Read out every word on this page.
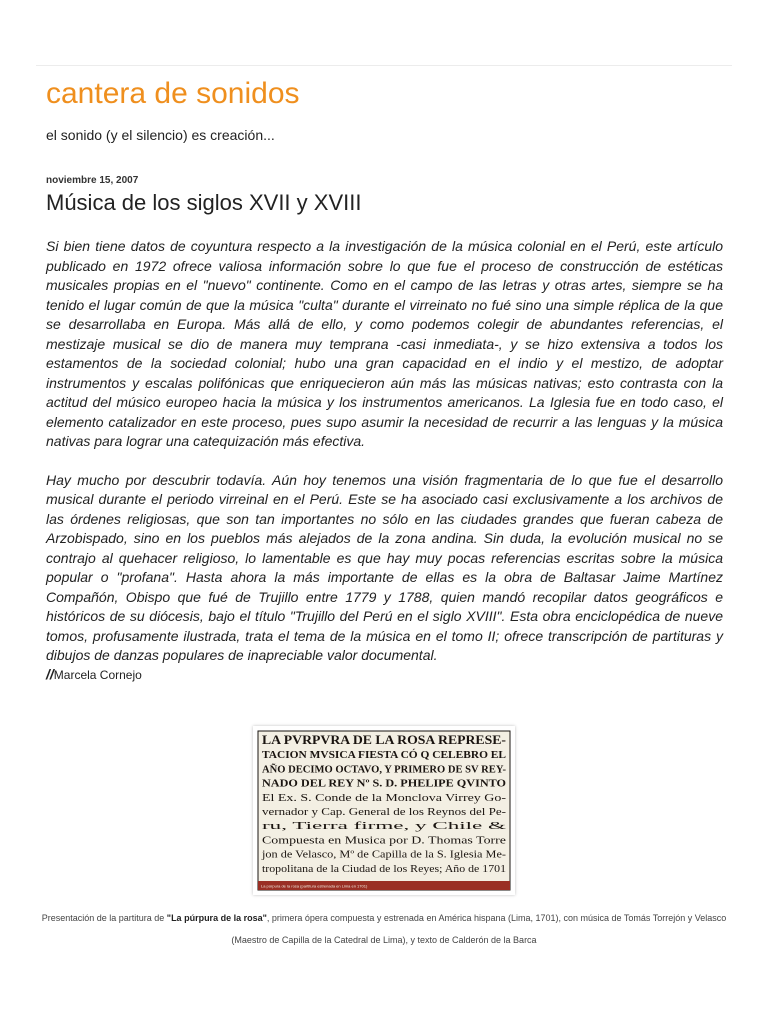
cantera de sonidos
el sonido (y el silencio) es creación...
noviembre 15, 2007
Música de los siglos XVII y XVIII

Si bien tiene datos de coyuntura respecto a la investigación de la música colonial en el Perú, este artículo publicado en 1972 ofrece valiosa información sobre lo que fue el proceso de construcción de estéticas musicales propias en el "nuevo" continente. Como en el campo de las letras y otras artes, siempre se ha tenido el lugar común de que la música "culta" durante el virreinato no fué sino una simple réplica de la que se desarrollaba en Europa. Más allá de ello, y como podemos colegir de abundantes referencias, el mestizaje musical se dio de manera muy temprana -casi inmediata-, y se hizo extensiva a todos los estamentos de la sociedad colonial; hubo una gran capacidad en el indio y el mestizo, de adoptar instrumentos y escalas polifónicas que enriquecieron aún más las músicas nativas; esto contrasta con la actitud del músico europeo hacia la música y los instrumentos americanos. La Iglesia fue en todo caso, el elemento catalizador en este proceso, pues supo asumir la necesidad de recurrir a las lenguas y la música nativas para lograr una catequización más efectiva.

Hay mucho por descubrir todavía. Aún hoy tenemos una visión fragmentaria de lo que fue el desarrollo musical durante el periodo virreinal en el Perú. Este se ha asociado casi exclusivamente a los archivos de las órdenes religiosas, que son tan importantes no sólo en las ciudades grandes que fueran cabeza de Arzobispado, sino en los pueblos más alejados de la zona andina. Sin duda, la evolución musical no se contrajo al quehacer religioso, lo lamentable es que hay muy pocas referencias escritas sobre la música popular o "profana". Hasta ahora la más importante de ellas es la obra de Baltasar Jaime Martínez Compañón, Obispo que fué de Trujillo entre 1779 y 1788, quien mandó recopilar datos geográficos e históricos de su diócesis, bajo el título "Trujillo del Perú en el siglo XVIII". Esta obra enciclopédica de nueve tomos, profusamente ilustrada, trata el tema de la música en el tomo II; ofrece transcripción de partituras y dibujos de danzas populares de inapreciable valor documental.

//Marcela Cornejo
LA PVRPVRA DE LA ROSA REPRESE-
TACION MVSICA FIESTA CÓ Q CELEBRO EL
AÑO DECIMO OCTAVO, Y PRIMERO DE SV REY-
NADO DEL REY Nº S. D. PHELIPE QVINTO
El Ex. S. Conde de la Monclova Virrey Go-
vernador y Cap. General de los Reynos del Pe-
ru, Tierra firme, y Chile &
Compuesta en Musica por D. Thomas Torre
jon de Velasco, Mº de Capilla de la S. Iglesia Me-
tropolitana de la Ciudad de los Reyes; Año de 1701
La púrpura de la rosa (partitura estrenada en Lima en 1701)
Presentación de la partitura de "La púrpura de la rosa", primera ópera compuesta y estrenada en América hispana (Lima, 1701), con música de Tomás Torrejón y Velasco (Maestro de Capilla de la Catedral de Lima), y texto de Calderón de la Barca
